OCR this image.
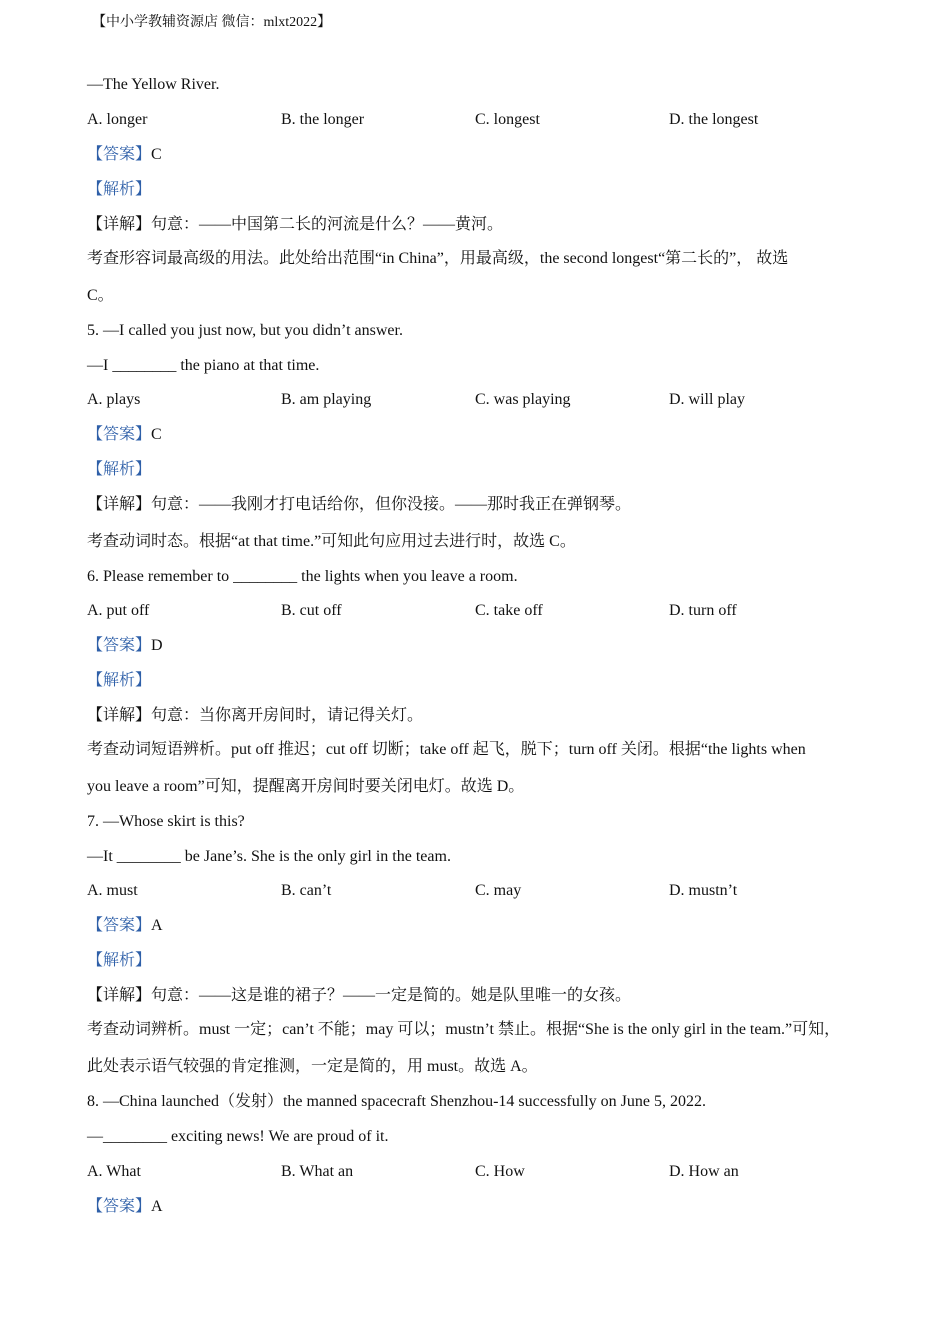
【中小学教辅资源店 微信：mlxt2022】
—The Yellow River.
A. longer	B. the longer	C. longest	D. the longest
【答案】C
【解析】
【详解】句意：——中国第二长的河流是什么？——黄河。
考查形容词最高级的用法。此处给出范围“in China”，用最高级，the second longest“第二长的”， 故选
C。
5. —I called you just now, but you didn’t answer.
—I ________ the piano at that time.
A. plays	B. am playing	C. was playing	D. will play
【答案】C
【解析】
【详解】句意：——我刚才打电话给你，但你没接。——那时我正在弹钢琴。
考查动词时态。根据“at that time.”可知此句应用过去进行时，故选 C。
6. Please remember to ________ the lights when you leave a room.
A. put off	B. cut off	C. take off	D. turn off
【答案】D
【解析】
【详解】句意：当你离开房间时，请记得关灯。
考查动词短语辨析。put off 推迟；cut off 切断；take off 起飞，脱下；turn off 关闭。根据“the lights when
you leave a room”可知，提醒离开房间时要关闭电灯。故选 D。
7. —Whose skirt is this?
—It ________ be Jane’s. She is the only girl in the team.
A. must	B. can’t	C. may	D. mustn’t
【答案】A
【解析】
【详解】句意：——这是谁的裙子？——一定是简的。她是队里唯一的女孩。
考查动词辨析。must 一定；can’t 不能；may 可以；mustn’t 禁止。根据“She is the only girl in the team.”可知，
此处表示语气较强的肯定推测，一定是简的，用 must。故选 A。
8. —China launched（发射）the manned spacecraft Shenzhou-14 successfully on June 5, 2022.
—________ exciting news! We are proud of it.
A. What	B. What an	C. How	D. How an
【答案】A
